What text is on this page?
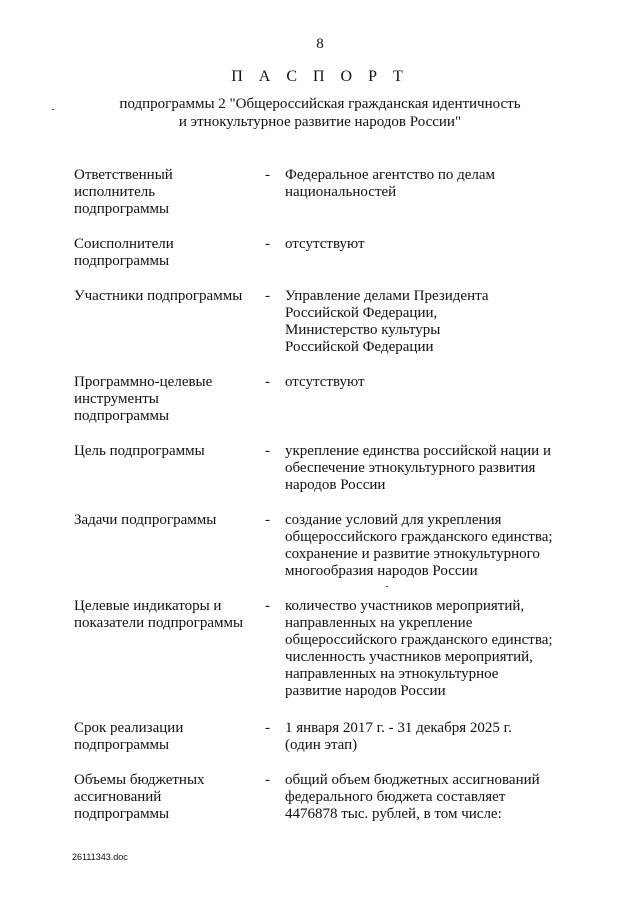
8
П А С П О Р Т
подпрограммы 2 "Общероссийская гражданская идентичность
и этнокультурное развитие народов России"
Ответственный
исполнитель
подпрограммы
-	Федеральное агентство по делам
национальностей
Соисполнители
подпрограммы
-	отсутствуют
Участники подпрограммы	-	Управление делами Президента
Российской Федерации,
Министерство культуры
Российской Федерации
Программно-целевые
инструменты
подпрограммы
-	отсутствуют
Цель подпрограммы	-	укрепление единства российской нации и
обеспечение этнокультурного развития
народов России
Задачи подпрограммы	-	создание условий для укрепления
общероссийского гражданского единства;
сохранение и развитие этнокультурного
многообразия народов России
Целевые индикаторы и
показатели подпрограммы
-	количество участников мероприятий,
направленных на укрепление
общероссийского гражданского единства;
численность участников мероприятий,
направленных на этнокультурное
развитие народов России
Срок реализации
подпрограммы
-	1 января 2017 г. - 31 декабря 2025 г.
(один этап)
Объемы бюджетных
ассигнований
подпрограммы
-	общий объем бюджетных ассигнований
федерального бюджета составляет
4476878 тыс. рублей, в том числе:
26111343.doc
